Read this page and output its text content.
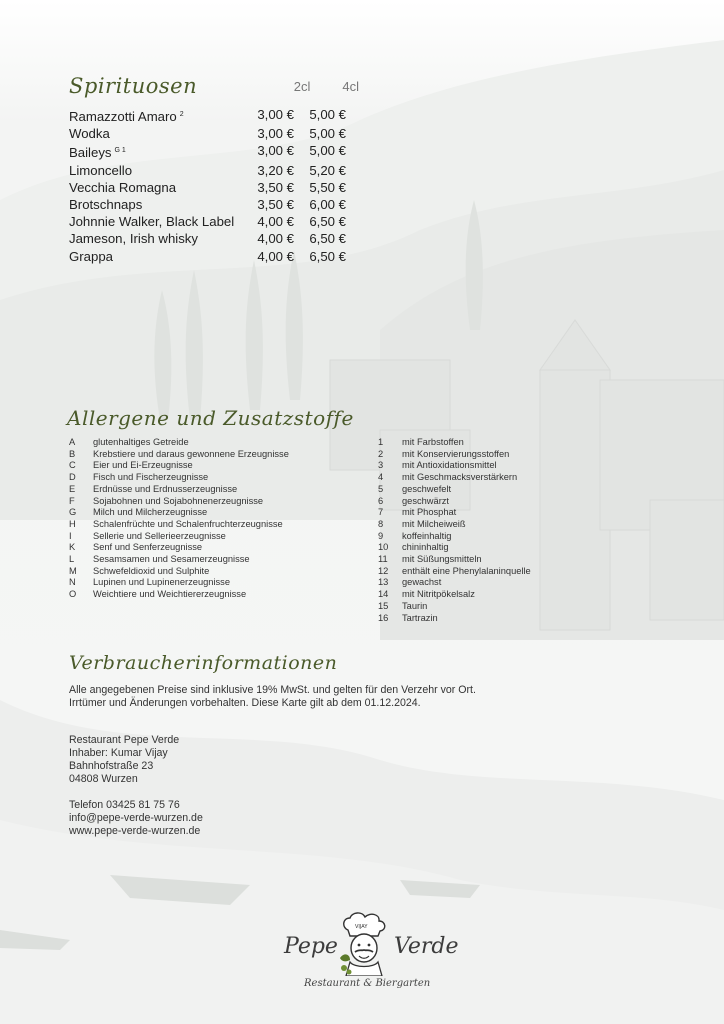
Spirituosen	2cl	4cl
Ramazzotti Amaro $^2$	3,00 €	5,00 €
Wodka	3,00 €	5,00 €
Baileys $^{G 1}$	3,00 €	5,00 €
Limoncello	3,20 €	5,20 €
Vecchia Romagna	3,50 €	5,50 €
Brotschnaps	3,50 €	6,00 €
Johnnie Walker, Black Label	4,00 €	6,50 €
Jameson, Irish whisky	4,00 €	6,50 €
Grappa	4,00 €	6,50 €
Allergene und Zusatzstoffe
A	glutenhaltiges Getreide
B	Krebstiere und daraus gewonnene Erzeugnisse
C	Eier und Ei-Erzeugnisse
D	Fisch und Fischerzeugnisse
E	Erdnüsse und Erdnusserzeugnisse
F	Sojabohnen und Sojabohnenerzeugnisse
G	Milch und Milcherzeugnisse
H	Schalenfrüchte und Schalenfruchterzeugnisse
I	Sellerie und Sellerieerzeugnisse
K	Senf und Senferzeugnisse
L	Sesamsamen und Sesamerzeugnisse
M	Schwefeldioxid und Sulphite
N	Lupinen und Lupinenerzeugnisse
O	Weichtiere und Weichtiererzeugnisse
1	mit Farbstoffen
2	mit Konservierungsstoffen
3	mit Antioxidationsmittel
4	mit Geschmacksverstärkern
5	geschwefelt
6	geschwärzt
7	mit Phosphat
8	mit Milcheiweiß
9	koffeinhaltig
10	chininhaltig
11	mit Süßungsmitteln
12	enthält eine Phenylalaninquelle
13	gewachst
14	mit Nitritpökelsalz
15	Taurin
16	Tartrazin
Verbraucherinformationen
Alle angegebenen Preise sind inklusive 19% MwSt. und gelten für den Verzehr vor Ort.
Irrtümer und Änderungen vorbehalten. Diese Karte gilt ab dem 01.12.2024.
Restaurant Pepe Verde
Inhaber: Kumar Vijay
Bahnhofstraße 23
04808 Wurzen
Telefon 03425 81 75 76
info@pepe-verde-wurzen.de
www.pepe-verde-wurzen.de
Pepe
VIJAY
Verde
Restaurant & Biergarten
